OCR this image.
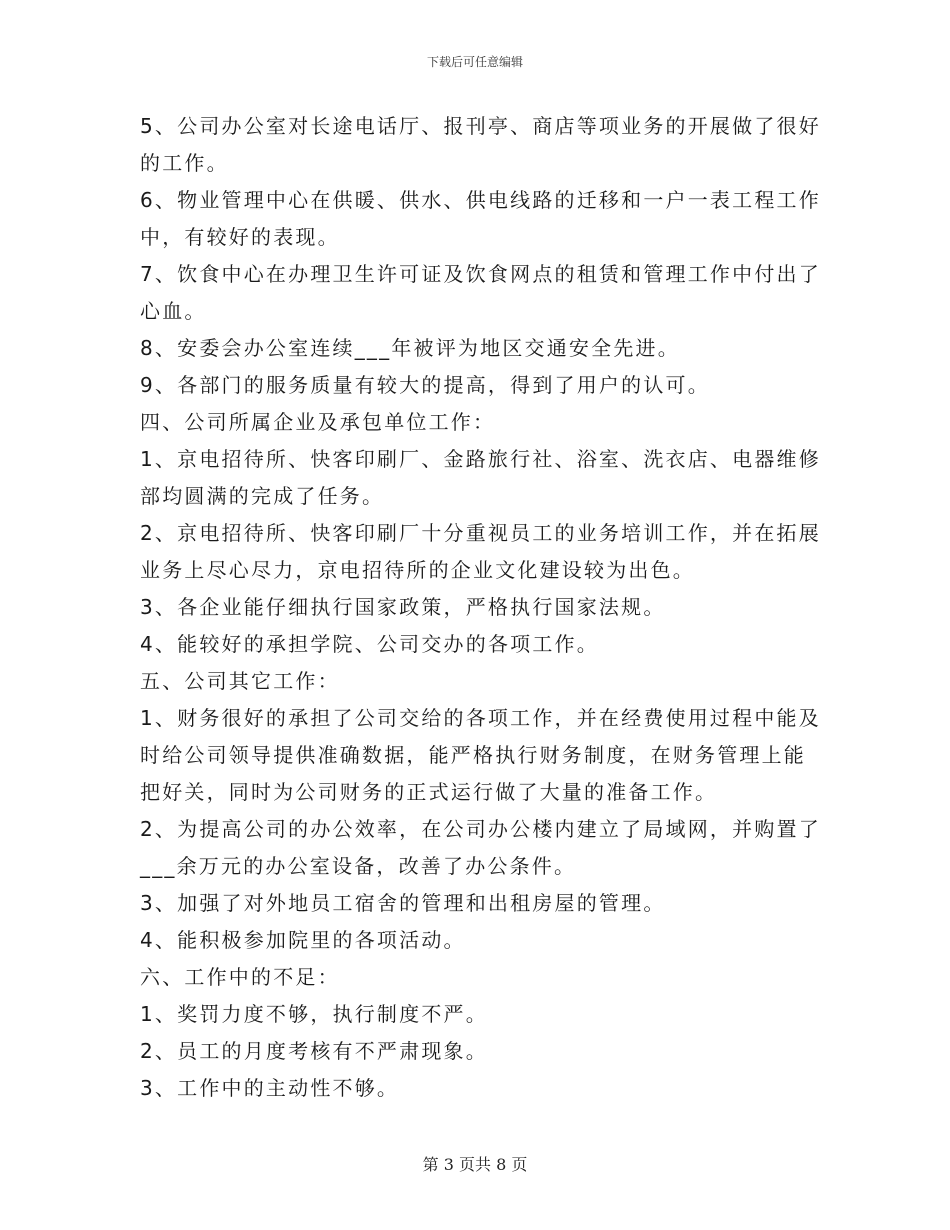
下载后可任意编辑
5、公司办公室对长途电话厅、报刊亭、商店等项业务的开展做了很好
的工作。
6、物业管理中心在供暖、供水、供电线路的迁移和一户一表工程工作
中，有较好的表现。
7、饮食中心在办理卫生许可证及饮食网点的租赁和管理工作中付出了
心血。
8、安委会办公室连续___年被评为地区交通安全先进。
9、各部门的服务质量有较大的提高，得到了用户的认可。
四、公司所属企业及承包单位工作：
1、京电招待所、快客印刷厂、金路旅行社、浴室、洗衣店、电器维修
部均圆满的完成了任务。
2、京电招待所、快客印刷厂十分重视员工的业务培训工作，并在拓展
业务上尽心尽力，京电招待所的企业文化建设较为出色。
3、各企业能仔细执行国家政策，严格执行国家法规。
4、能较好的承担学院、公司交办的各项工作。
五、公司其它工作：
1、财务很好的承担了公司交给的各项工作，并在经费使用过程中能及
时给公司领导提供准确数据，能严格执行财务制度，在财务管理上能
把好关，同时为公司财务的正式运行做了大量的准备工作。
2、为提高公司的办公效率，在公司办公楼内建立了局域网，并购置了
___余万元的办公室设备，改善了办公条件。
3、加强了对外地员工宿舍的管理和出租房屋的管理。
4、能积极参加院里的各项活动。
六、工作中的不足：
1、奖罚力度不够，执行制度不严。
2、员工的月度考核有不严肃现象。
3、工作中的主动性不够。
第 3 页共 8 页
